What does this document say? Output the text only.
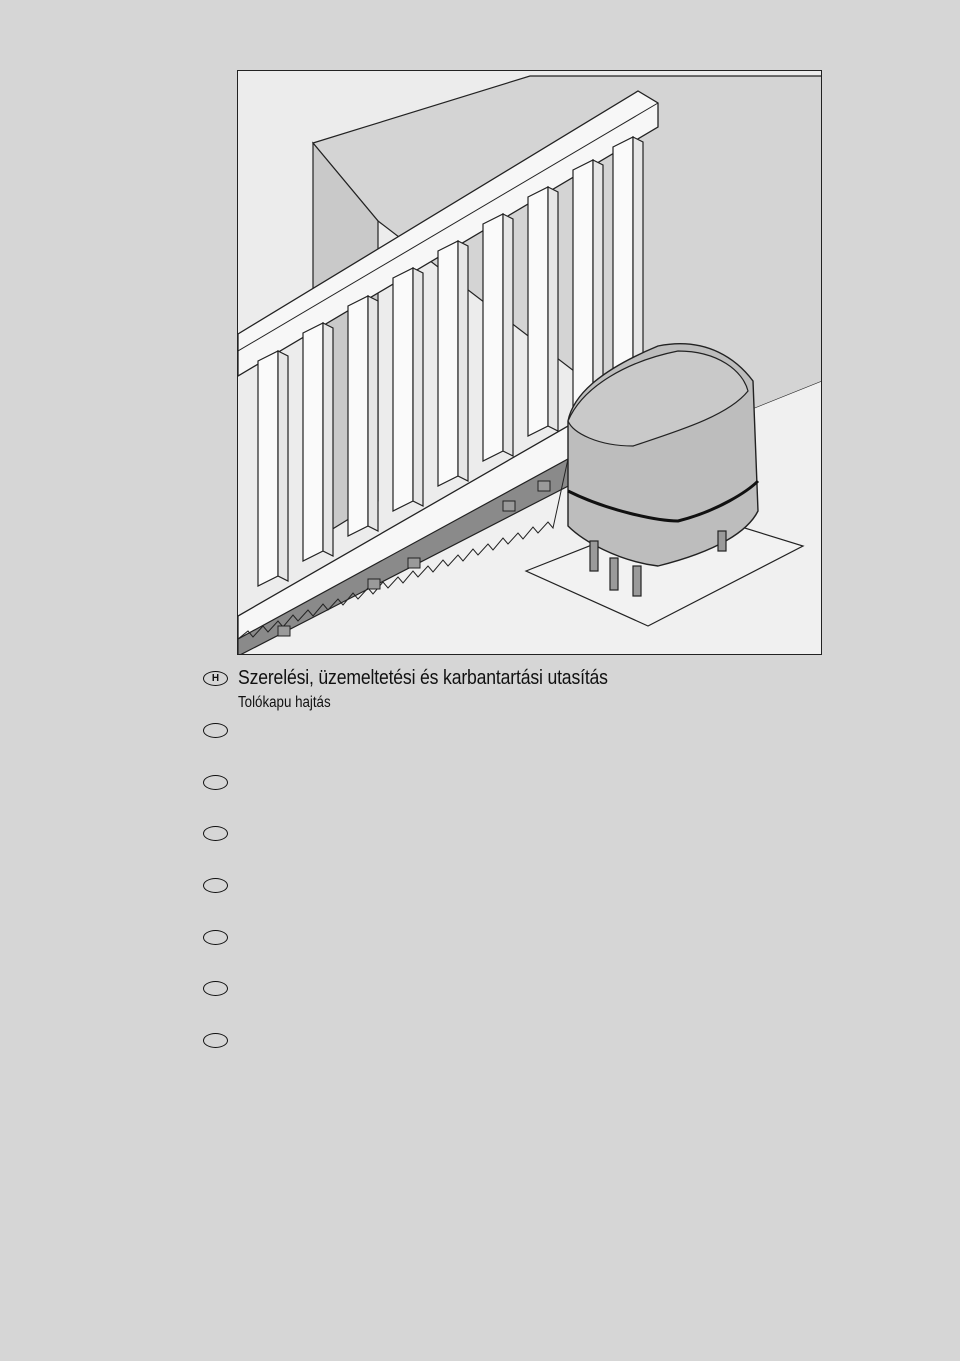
H Szerelési, üzemeltetési és karbantartási utasítás

Tolókapu hajtás
